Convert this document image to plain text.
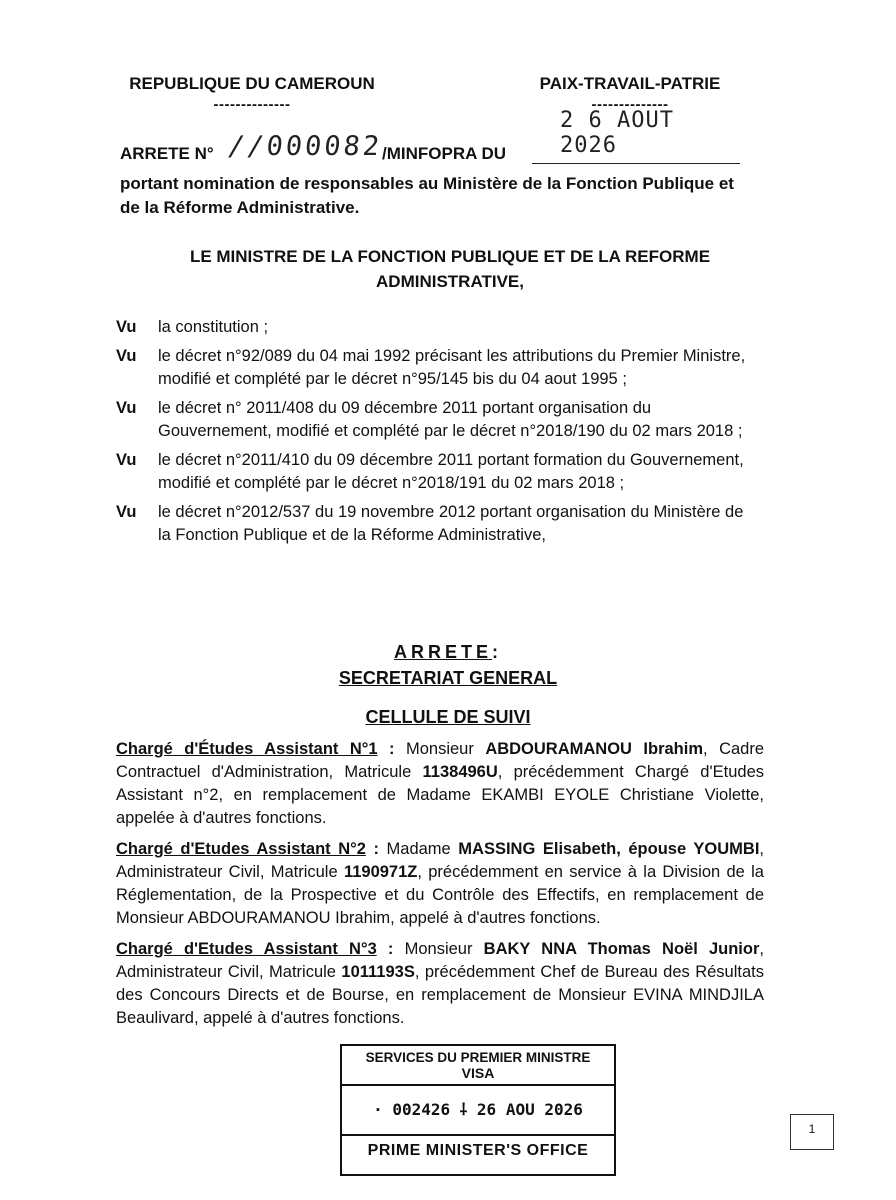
REPUBLIQUE DU CAMEROUN
--------------
PAIX-TRAVAIL-PATRIE
--------------
ARRETE N° //000082
/MINFOPRA DU
2 6 AOUT 2026
portant nomination de responsables au Ministère de la Fonction Publique et de la Réforme Administrative.
LE MINISTRE DE LA FONCTION PUBLIQUE ET DE LA REFORME
ADMINISTRATIVE,
Vu	la constitution ;
Vu	le décret n°92/089 du 04 mai 1992 précisant les attributions du Premier Ministre, modifié et complété par le décret n°95/145 bis du 04 aout 1995 ;
Vu	le décret n° 2011/408 du 09 décembre 2011 portant organisation du Gouvernement, modifié et complété par le décret n°2018/190 du 02 mars 2018 ;
Vu	le décret n°2011/410 du 09 décembre 2011 portant formation du Gouvernement, modifié et complété par le décret n°2018/191 du 02 mars 2018 ;
Vu	le décret n°2012/537 du 19 novembre 2012 portant organisation du Ministère de la Fonction Publique et de la Réforme Administrative,
ARRETE:
SECRETARIAT GENERAL
CELLULE DE SUIVI
Chargé d'Études Assistant N°1 : Monsieur ABDOURAMANOU Ibrahim, Cadre Contractuel d'Administration, Matricule 1138496U, précédemment Chargé d'Etudes Assistant n°2, en remplacement de Madame EKAMBI EYOLE Christiane Violette, appelée à d'autres fonctions.
Chargé d'Etudes Assistant N°2 : Madame MASSING Elisabeth, épouse YOUMBI, Administrateur Civil, Matricule 1190971Z, précédemment en service à la Division de la Réglementation, de la Prospective et du Contrôle des Effectifs, en remplacement de Monsieur ABDOURAMANOU Ibrahim, appelé à d'autres fonctions.
Chargé d'Etudes Assistant N°3 : Monsieur BAKY NNA Thomas Noël Junior, Administrateur Civil, Matricule 1011193S, précédemment Chef de Bureau des Résultats des Concours Directs et de Bourse, en remplacement de Monsieur EVINA MINDJILA Beaulivard, appelé à d'autres fonctions.
SERVICES DU PREMIER MINISTRE
VISA
· 002426 ⸸ 26 AOU 2026
PRIME MINISTER'S OFFICE
1
